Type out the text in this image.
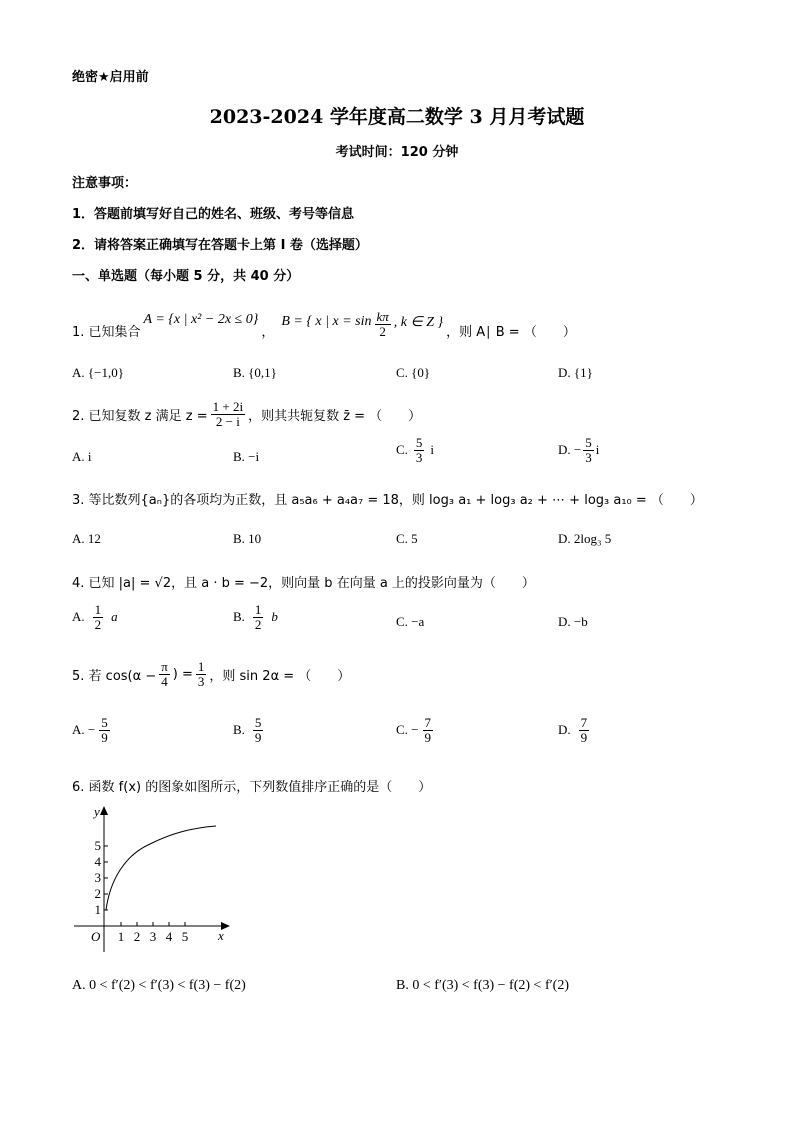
绝密★启用前
2023-2024 学年度高二数学 3 月月考试题
考试时间：120 分钟
注意事项：
1．答题前填写好自己的姓名、班级、考号等信息
2．请将答案正确填写在答题卡上第 I 卷（选择题）
一、单选题（每小题 5 分，共 40 分）
1. 已知集合
A = {x | x² − 2x ≤ 0}
，
B = { x | $x = \sin \frac{k\pi}{2}$ , k ∈ Z }
，则 A∣ B = （　　）
A. {−1,0}	B. {0,1}	C. {0}	D. {1}
2. 已知复数 z 满足 $z = \frac{1 + 2i}{2 - i}$ ，则其共轭复数 z̄ = （　　）
A. i	B. −i	C. $\frac{5}{3}$ i	D. − $\frac{5}{3}$ i
3. 等比数列{aₙ}的各项均为正数，且 a₅a₆ + a₄a₇ = 18，则 log₃ a₁ + log₃ a₂ + ⋯ + log₃ a₁₀ = （　　）
A. 12	B. 10	C. 5	D. 2log₃ 5
4. 已知 |a| = √2，且 a · b = −2，则向量 b 在向量 a 上的投影向量为（　　）
A. $\frac{1}{2}$ a	B. $\frac{1}{2}$ b	C. −a	D. −b
5. 若 $\cos(\alpha - \frac{\pi}{4}$ ) = $\frac{1}{3}$ ，则 sin 2α = （　　）
A. − $\frac{5}{9}$	B. $\frac{5}{9}$	C. − $\frac{7}{9}$	D. $\frac{7}{9}$
6. 函数 f(x) 的图象如图所示，下列数值排序正确的是（　　）
y
x
O 1 2 3 4 5
1
2
3
4
5
A. 0 < f′(2) < f′(3) < f(3) − f(2)	B. 0 < f′(3) < f(3) − f(2) < f′(2)
